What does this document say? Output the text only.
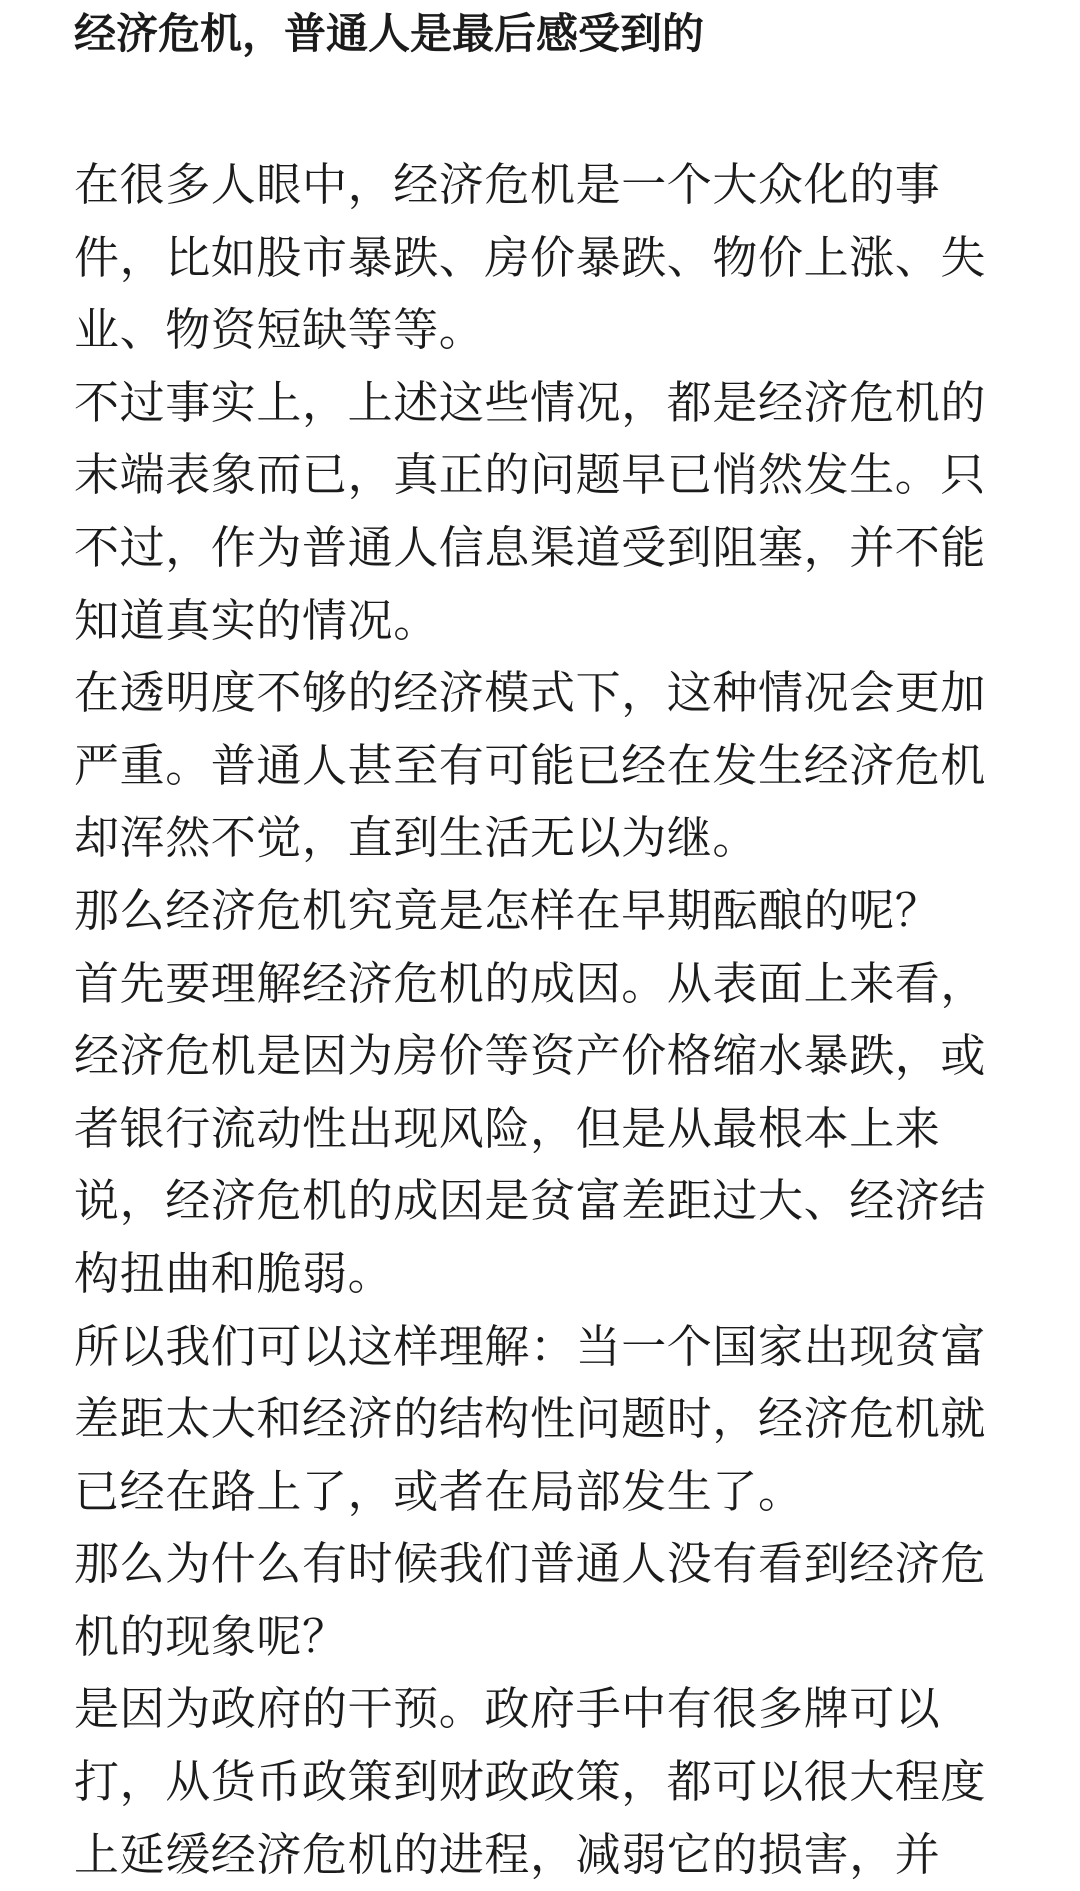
经济危机，普通人是最后感受到的

在很多人眼中，经济危机是一个大众化的事件，比如股市暴跌、房价暴跌、物价上涨、失业、物资短缺等等。

不过事实上，上述这些情况，都是经济危机的末端表象而已，真正的问题早已悄然发生。只不过，作为普通人信息渠道受到阻塞，并不能知道真实的情况。

在透明度不够的经济模式下，这种情况会更加严重。普通人甚至有可能已经在发生经济危机却浑然不觉，直到生活无以为继。

那么经济危机究竟是怎样在早期酝酿的呢？

首先要理解经济危机的成因。从表面上来看，经济危机是因为房价等资产价格缩水暴跌，或者银行流动性出现风险，但是从最根本上来说，经济危机的成因是贫富差距过大、经济结构扭曲和脆弱。

所以我们可以这样理解：当一个国家出现贫富差距太大和经济的结构性问题时，经济危机就已经在路上了，或者在局部发生了。

那么为什么有时候我们普通人没有看到经济危机的现象呢？

是因为政府的干预。政府手中有很多牌可以打，从货币政策到财政政策，都可以很大程度上延缓经济危机的进程，减弱它的损害，并
